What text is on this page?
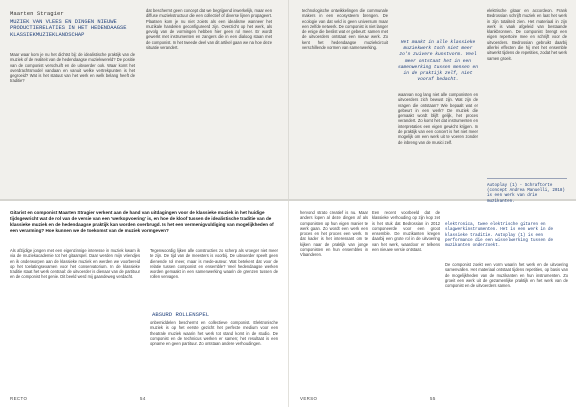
Maarten Stragier
MUZIEK VAN VLEES EN DINGEN NIEUWE PRODUCTIERELATIES IN HET HEDENDAAGSE KLASSIEKMUZIEKLANDSCHAP
Maar waar kom je nu het dichtst bij: de idealistische praktijk van de muziek of de realiteit van de hedendaagse muziekwereld? De positie van de componist verschuift en de uitvoerder ook. Waar komt het overdrachtsmodel vandaan en vanuit welke vertrekpunten is het gegroeid? Wat is het statuut van het werk en welk belang heeft de traditie?
dat beschermt geen concept dat we begrijpend inwerkelijk, maar een diffuse muziekstructuur die een collectief of diverse lijnen propageert. Plaatsen kom je nu niet zoiets als een idealisme wanneer het muzikale handelen geconfigureerd zijn. Overzicht op het werk, als gevolg van de vormingen hebben hier geen rol meer. Er wordt gewerkt met instrumenten en zangers die in een dialoog staan met de componist. In het tweede deel van dit artikel gaan we na hoe deze situatie verandert.
technologische ontwikkelingen die communale makers in een ecosysteem brengen. De ecologie van dat veld is geen universum maar een zelfde netwerk. De componist is niet langer de enige die beslist wat er gebeurt: samen met de uitvoerders ontstaat een nieuw werk. Zo kent het hedendaagse muziekcircuit verschillende vormen van samenwerking.
Het maakt in alle klassieke muziekwerk toch niet meer zo'n zuivere kunstvorm. Veel meer ontstaat het in een samenwerking tussen mensen en in de praktijk zelf, niet vooraf bedacht.
waarvan nog lang niet alle componisten en uitvoerders zich bewust zijn. Wat zijn de vragen die ontstaan? Wie bepaalt wat er gebeurt in een werk? De muziek die gemaakt wordt blijft gelijk, het proces verandert. Zo komt het dat instrumenten en interpretaties een eigen gewicht krijgen. In de praktijk van een concert is het niet meer mogelijk om een werk uit te voeren zonder de inbreng van de musici zelf.
elektrische gitaar en accordeon. Frank Bedrossian schrijft muziek en laat het werk in zijn totaliteit zien. Het materiaal in zijn werk is vaak afgeleid van bestaande klankbronnen. De componist brengt een eigen repertoire mee en schrijft voor de uitvoerders. Bedrossian gebruikt daarbij allerlei effecten die hij met het ensemble uitwerkt tijdens de repetities, zodat het werk samen groeit.
Autoplay (1) - Schraftorte (concept Andrea Manuelli, 2018) is een werk van drie muzikanten.
Gitarist en componist Maarten Stragier verkent aan de hand van uitdagingen voor de klassieke muziek in het huidige tijdsgewricht wat de rol van de versie van een 'werkopvoering' is, en hoe de kloof tussen de idealistische traditie van de klassieke muziek en de hedendaagse praktijk kan worden overbrugd. Is het een vermenigvuldiging van mogelijkheden of een verarming? Hoe kunnen we de toekomst van de muziek vormgeven?
Als afzijdige jongen met een eigenzinnige interesse in muziek kwam ik via de muziekacademie tot het gitaarspel. Daar werden mijn vriendjes en ik onderworpen aan de klassieke muziek en werden we voorbereid op het toelatingsexamen voor het conservatorium. In de klassieke traditie staat het werk centraal: de uitvoerder is dienaar van de partituur en de componist het genie. Dit beeld werd mij gaandeweg verdacht.
Tegenwoordig lijken alle constructies zo scherp als vroeger niet meer te zijn. De tijd van de meesters is voorbij. De uitvoerder speelt geen dienende rol meer, maar is mede-auteur. Wat betekent dat voor de relatie tussen componist en ensemble? Veel hedendaagse werken worden gemaakt in een samenwerking waarin de grenzen tussen de rollen vervagen.
onbemiddelen beschermt en collectieve componist. Elektronische muziek is op het eerste gezicht het perfecte medium voor een theatrale muziek waarin het werk tot stand komt in de studio. De componist en de technicus werken er samen; het resultaat is een opname en geen partituur. Zo ontstaan andere verhoudingen.
ABSURD ROLLENSPEL
hervond strato creatief is nu. Maar anders lopen al deze dingen af als componisten op hun eigen manier te werk gaan. Zo wordt een werk een proces en het proces een werk. In dat kader is het interessant om te kijken naar de praktijk van jonge componisten en hun ensembles in Vlaanderen.
Een recent voorbeeld dat de klassieke verhouding op zijn kop zet is het stuk dat Bedrossian in 2012 componeerde voor een groot ensemble. De muzikanten kregen daarbij een grote rol in de uitvoering van het werk, waardoor er telkens een nieuwe versie ontstaat.
elektronica, twee elektrische gitaren en slagwerkinstrumenten. Het is een werk in de klassieke traditie. Autoplay (1) is een performance die een wisselwerking tussen de muzikanten onderzoekt.
De componist zoekt een vorm waarin het werk en de uitvoering samenvallen. Het materiaal ontstaat tijdens repetities, op basis van de mogelijkheden van de muzikanten en hun instrumenten. Zo groeit een werk uit de gezamenlijke praktijk en het werk van de componist en de uitvoerders samen.
RECTO	54	VERSO	55
